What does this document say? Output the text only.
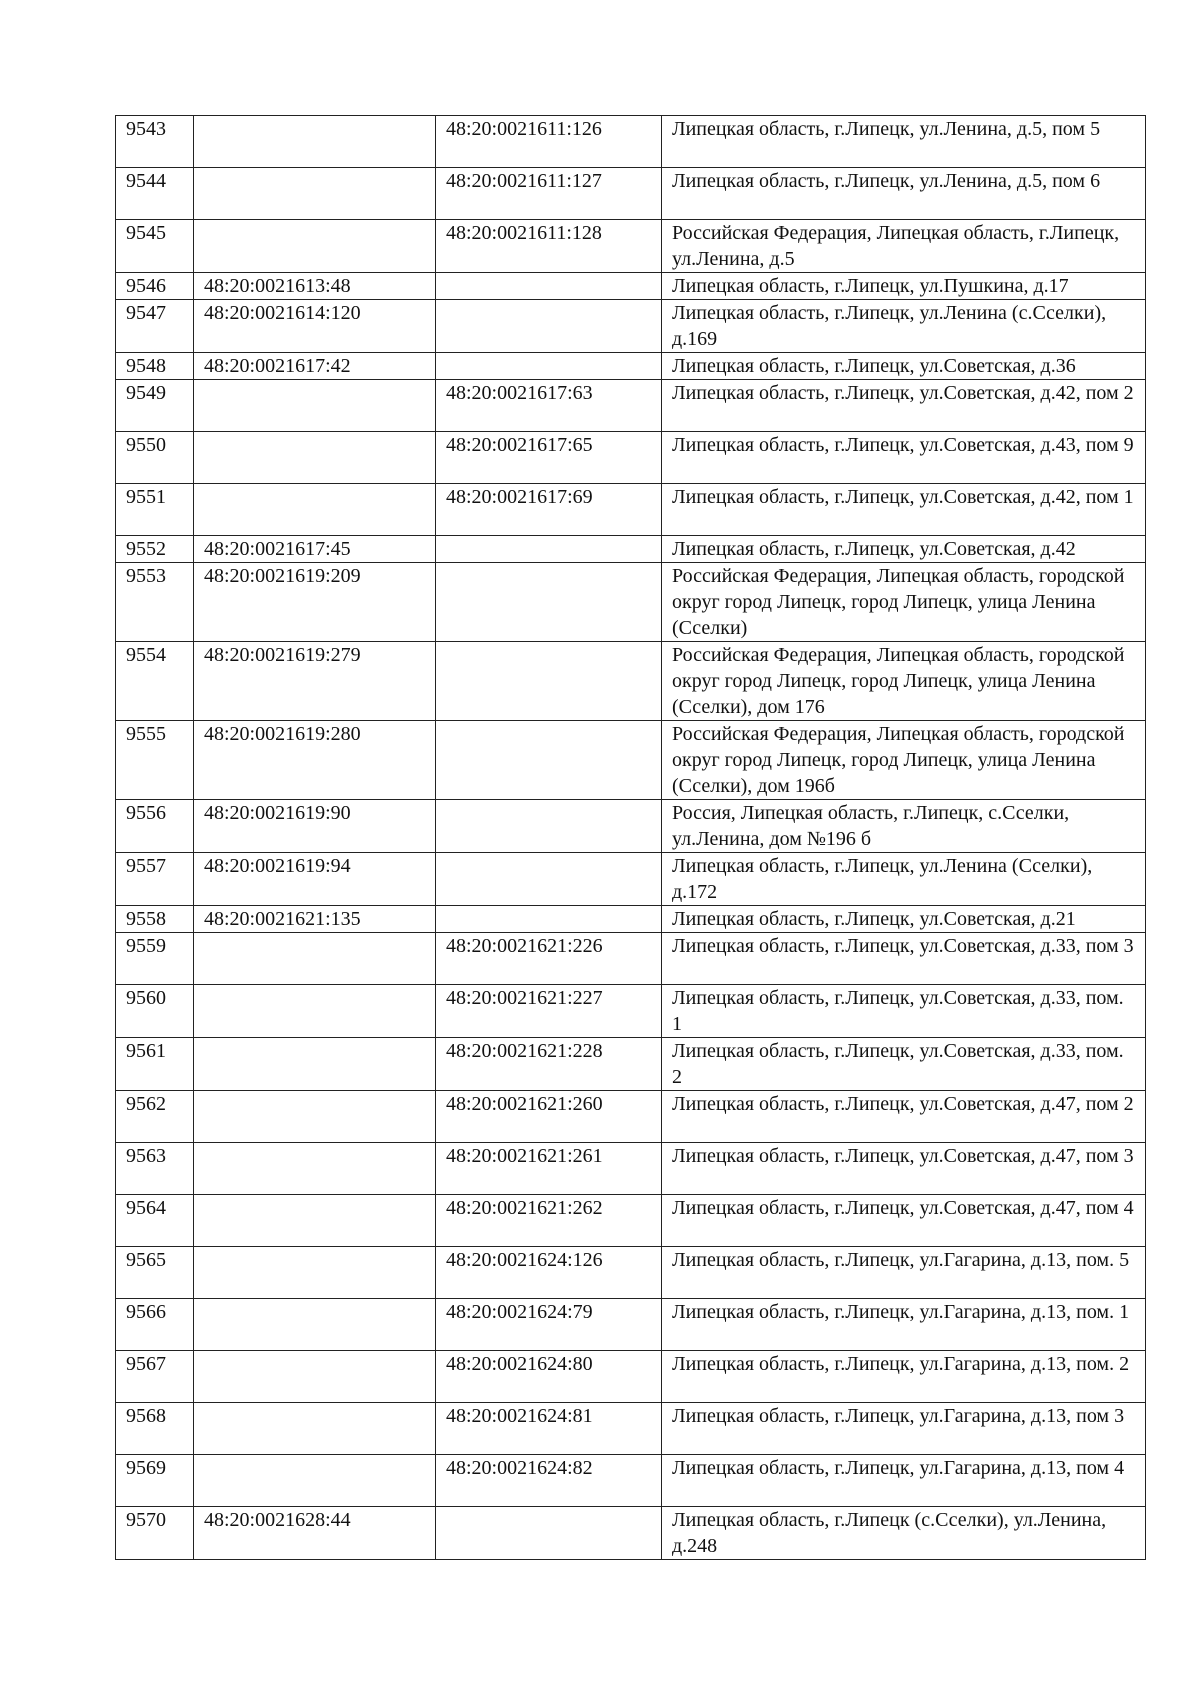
9543		48:20:0021611:126	Липецкая область, г.Липецк, ул.Ленина, д.5, пом 5
9544		48:20:0021611:127	Липецкая область, г.Липецк, ул.Ленина, д.5, пом 6
9545		48:20:0021611:128	Российская Федерация, Липецкая область, г.Липецк, ул.Ленина, д.5
9546	48:20:0021613:48		Липецкая область, г.Липецк, ул.Пушкина, д.17
9547	48:20:0021614:120		Липецкая область, г.Липецк, ул.Ленина (с.Сселки), д.169
9548	48:20:0021617:42		Липецкая область, г.Липецк, ул.Советская, д.36
9549		48:20:0021617:63	Липецкая область, г.Липецк, ул.Советская, д.42, пом 2
9550		48:20:0021617:65	Липецкая область, г.Липецк, ул.Советская, д.43, пом 9
9551		48:20:0021617:69	Липецкая область, г.Липецк, ул.Советская, д.42, пом 1
9552	48:20:0021617:45		Липецкая область, г.Липецк, ул.Советская, д.42
9553	48:20:0021619:209		Российская Федерация, Липецкая область, городской округ город Липецк, город Липецк, улица Ленина (Сселки)
9554	48:20:0021619:279		Российская Федерация, Липецкая область, городской округ город Липецк, город Липецк, улица Ленина (Сселки), дом 176
9555	48:20:0021619:280		Российская Федерация, Липецкая область, городской округ город Липецк, город Липецк, улица Ленина (Сселки), дом 196б
9556	48:20:0021619:90		Россия, Липецкая область, г.Липецк, с.Сселки, ул.Ленина, дом №196 б
9557	48:20:0021619:94		Липецкая область, г.Липецк, ул.Ленина (Сселки), д.172
9558	48:20:0021621:135		Липецкая область, г.Липецк, ул.Советская, д.21
9559		48:20:0021621:226	Липецкая область, г.Липецк, ул.Советская, д.33, пом 3
9560		48:20:0021621:227	Липецкая область, г.Липецк, ул.Советская, д.33, пом. 1
9561		48:20:0021621:228	Липецкая область, г.Липецк, ул.Советская, д.33, пом. 2
9562		48:20:0021621:260	Липецкая область, г.Липецк, ул.Советская, д.47, пом 2
9563		48:20:0021621:261	Липецкая область, г.Липецк, ул.Советская, д.47, пом 3
9564		48:20:0021621:262	Липецкая область, г.Липецк, ул.Советская, д.47, пом 4
9565		48:20:0021624:126	Липецкая область, г.Липецк, ул.Гагарина, д.13, пом. 5
9566		48:20:0021624:79	Липецкая область, г.Липецк, ул.Гагарина, д.13, пом. 1
9567		48:20:0021624:80	Липецкая область, г.Липецк, ул.Гагарина, д.13, пом. 2
9568		48:20:0021624:81	Липецкая область, г.Липецк, ул.Гагарина, д.13, пом 3
9569		48:20:0021624:82	Липецкая область, г.Липецк, ул.Гагарина, д.13, пом 4
9570	48:20:0021628:44		Липецкая область, г.Липецк (с.Сселки), ул.Ленина, д.248
